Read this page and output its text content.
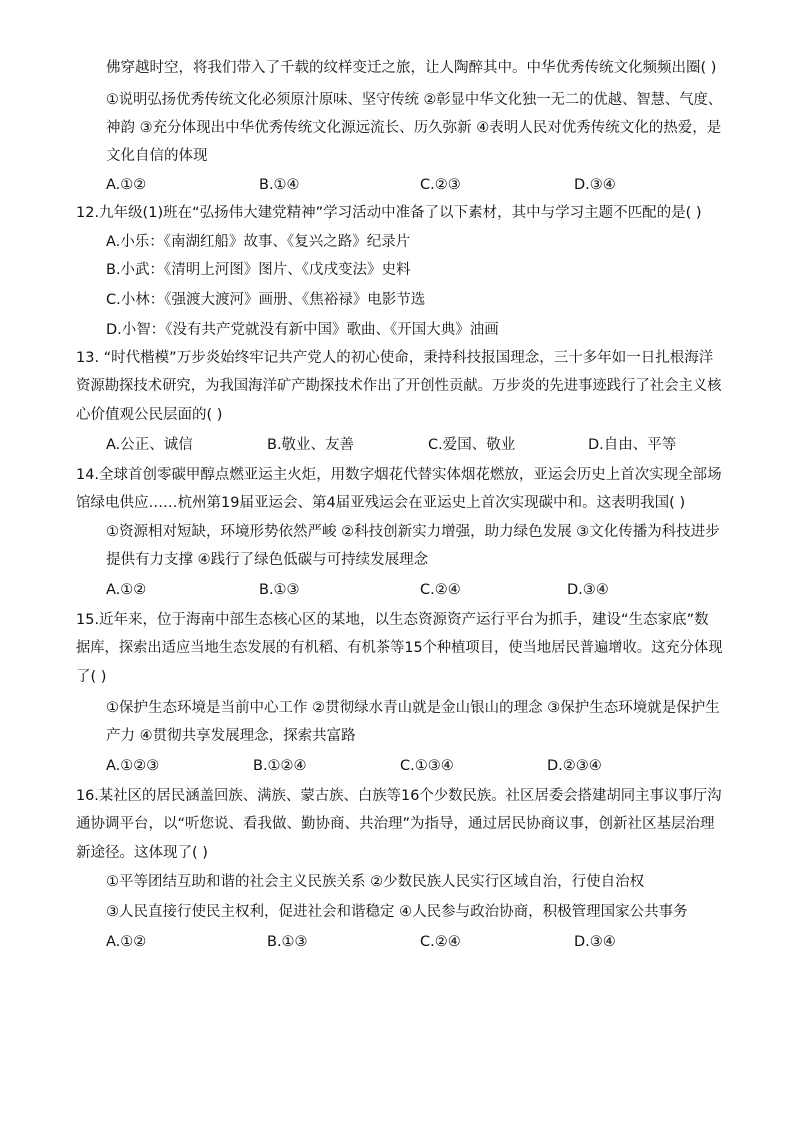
佛穿越时空，将我们带入了千载的纹样变迁之旅，让人陶醉其中。中华优秀传统文化频频出圈( )
①说明弘扬优秀传统文化必须原汁原味、坚守传统 ②彰显中华文化独一无二的优越、智慧、气度、
神韵 ③充分体现出中华优秀传统文化源远流长、历久弥新 ④表明人民对优秀传统文化的热爱，是
文化自信的体现
A.①②	B.①④	C.②③	D.③④
12.九年级(1)班在“弘扬伟大建党精神”学习活动中准备了以下素材，其中与学习主题不匹配的是( )
A.小乐：《南湖红船》故事、《复兴之路》纪录片
B.小武：《清明上河图》图片、《戊戌变法》史料
C.小林：《强渡大渡河》画册、《焦裕禄》电影节选
D.小智：《没有共产党就没有新中国》歌曲、《开国大典》油画
13. “时代楷模”万步炎始终牢记共产党人的初心使命，秉持科技报国理念，三十多年如一日扎根海洋
资源勘探技术研究，为我国海洋矿产勘探技术作出了开创性贡献。万步炎的先进事迹践行了社会主义核
心价值观公民层面的( )
A.公正、诚信	B.敬业、友善	C.爱国、敬业	D.自由、平等
14.全球首创零碳甲醇点燃亚运主火炬，用数字烟花代替实体烟花燃放，亚运会历史上首次实现全部场
馆绿电供应……杭州第19届亚运会、第4届亚残运会在亚运史上首次实现碳中和。这表明我国( )
①资源相对短缺，环境形势依然严峻 ②科技创新实力增强，助力绿色发展 ③文化传播为科技进步
提供有力支撑 ④践行了绿色低碳与可持续发展理念
A.①②	B.①③	C.②④	D.③④
15.近年来，位于海南中部生态核心区的某地，以生态资源资产运行平台为抓手，建设“生态家底”数
据库，探索出适应当地生态发展的有机稻、有机茶等15个种植项目，使当地居民普遍增收。这充分体现
了( )
①保护生态环境是当前中心工作 ②贯彻绿水青山就是金山银山的理念 ③保护生态环境就是保护生
产力 ④贯彻共享发展理念，探索共富路
A.①②③	B.①②④	C.①③④	D.②③④
16.某社区的居民涵盖回族、满族、蒙古族、白族等16个少数民族。社区居委会搭建胡同主事议事厅沟
通协调平台，以“听您说、看我做、勤协商、共治理”为指导，通过居民协商议事，创新社区基层治理
新途径。这体现了( )
①平等团结互助和谐的社会主义民族关系 ②少数民族人民实行区域自治，行使自治权
③人民直接行使民主权利，促进社会和谐稳定 ④人民参与政治协商，积极管理国家公共事务
A.①②	B.①③	C.②④	D.③④
